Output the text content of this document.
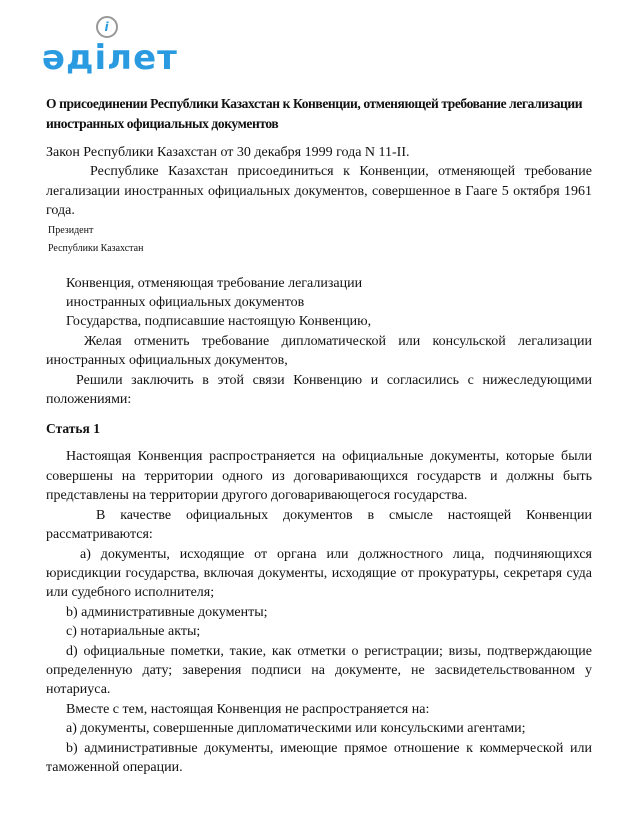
әділет
i
О присоединении Республики Казахстан к Конвенции, отменяющей требование легализации иностранных официальных документов
Закон Республики Казахстан от 30 декабря 1999 года N 11-II.
Республике Казахстан присоединиться к Конвенции, отменяющей требование легализации иностранных официальных документов, совершенное в Гааге 5 октября 1961 года.
Президент
Республики Казахстан
Конвенция, отменяющая требование легализации
иностранных официальных документов
Государства, подписавшие настоящую Конвенцию,
Желая отменить требование дипломатической или консульской легализации иностранных официальных документов,
Решили заключить в этой связи Конвенцию и согласились с нижеследующими положениями:
Статья 1
Настоящая Конвенция распространяется на официальные документы, которые были совершены на территории одного из договаривающихся государств и должны быть представлены на территории другого договаривающегося государства.
В качестве официальных документов в смысле настоящей Конвенции рассматриваются:
а) документы, исходящие от органа или должностного лица, подчиняющихся юрисдикции государства, включая документы, исходящие от прокуратуры, секретаря суда или судебного исполнителя;
b) административные документы;
с) нотариальные акты;
d) официальные пометки, такие, как отметки о регистрации; визы, подтверждающие определенную дату; заверения подписи на документе, не засвидетельствованном у нотариуса.
Вместе с тем, настоящая Конвенция не распространяется на:
а) документы, совершенные дипломатическими или консульскими агентами;
b) административные документы, имеющие прямое отношение к коммерческой или таможенной операции.
